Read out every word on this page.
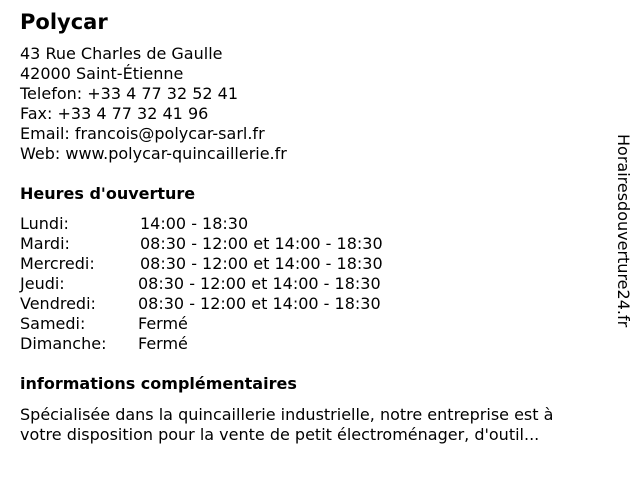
Polycar
43 Rue Charles de Gaulle
42000 Saint-Étienne
Telefon: +33 4 77 32 52 41
Fax: +33 4 77 32 41 96
Email: francois@polycar-sarl.fr
Web: www.polycar-quincaillerie.fr
Heures d'ouverture
Lundi:	14:00 - 18:30
Mardi:	08:30 - 12:00 et 14:00 - 18:30
Mercredi:	08:30 - 12:00 et 14:00 - 18:30
Jeudi:	08:30 - 12:00 et 14:00 - 18:30
Vendredi:	08:30 - 12:00 et 14:00 - 18:30
Samedi:	Fermé
Dimanche: Fermé
informations complémentaires
Spécialisée dans la quincaillerie industrielle, notre entreprise est à
votre disposition pour la vente de petit électroménager, d'outil...
Horairesdouverture24.fr
